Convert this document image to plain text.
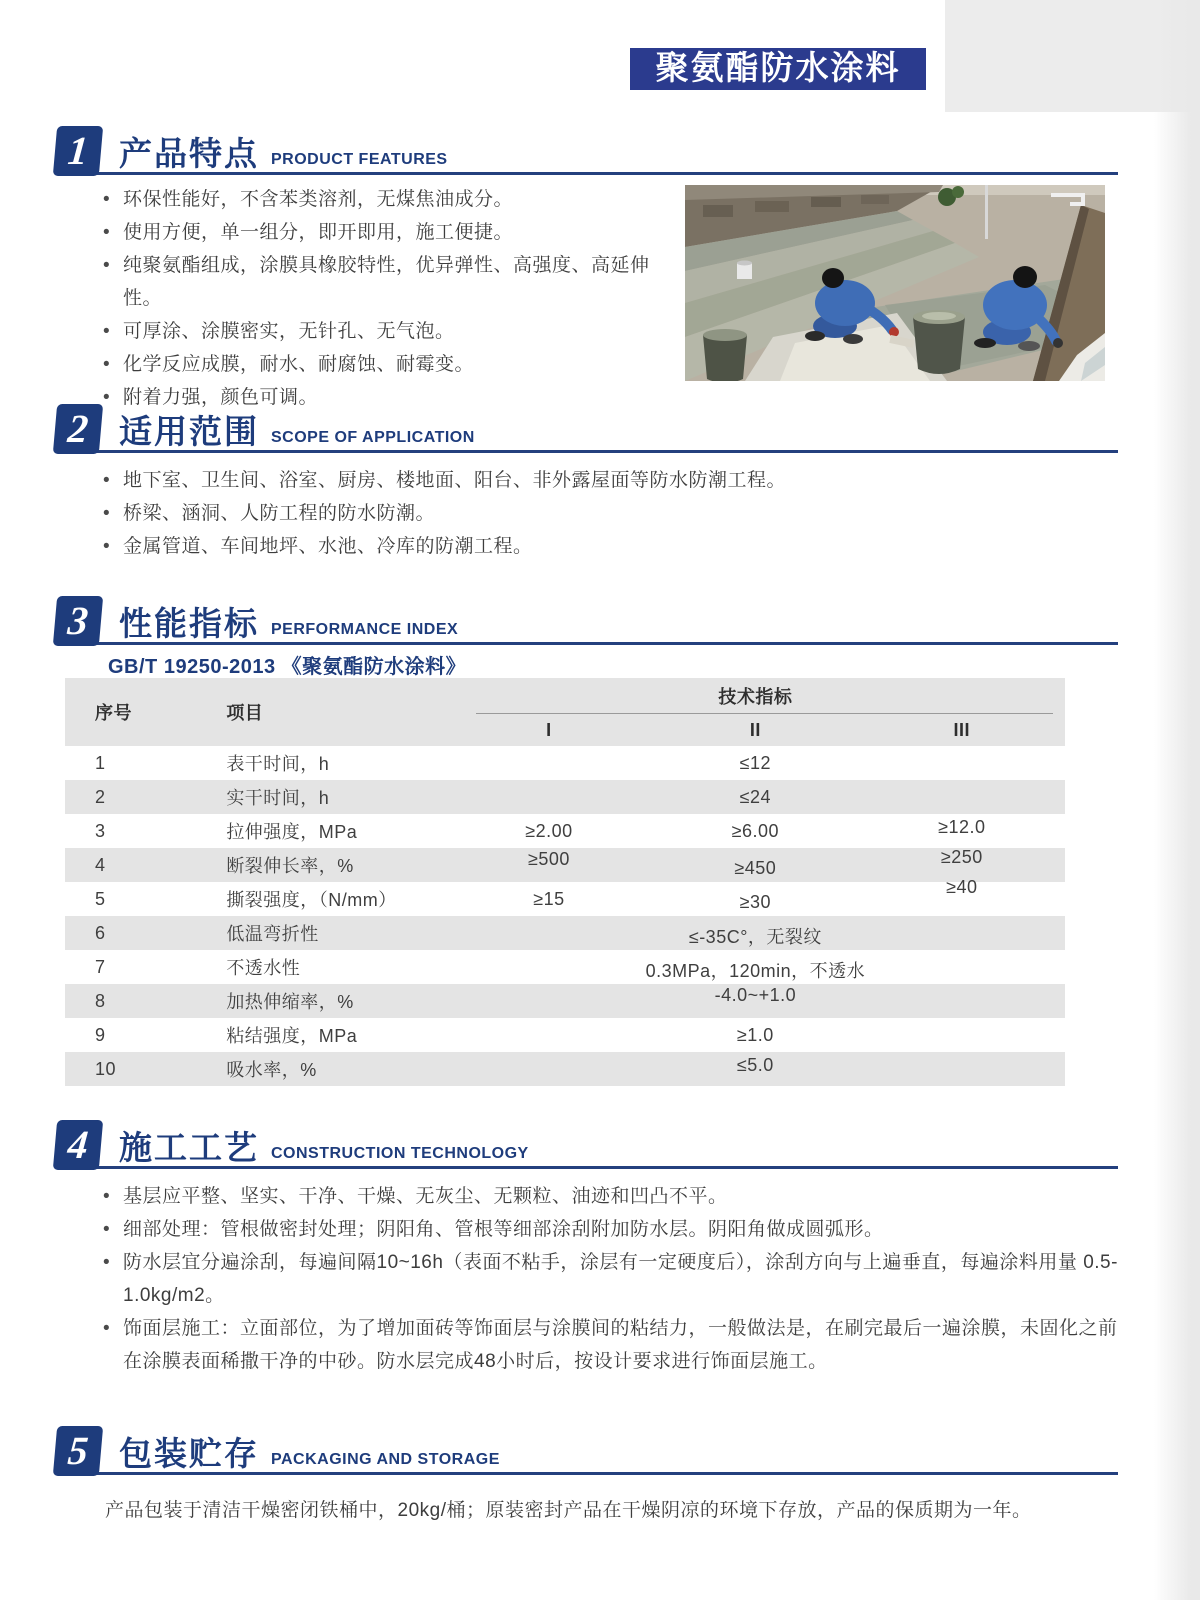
聚氨酯防水涂料
1 产品特点 PRODUCT FEATURES
• 环保性能好，不含苯类溶剂，无煤焦油成分。
• 使用方便，单一组分，即开即用，施工便捷。
• 纯聚氨酯组成，涂膜具橡胶特性，优异弹性、高强度、高延伸性。
• 可厚涂、涂膜密实，无针孔、无气泡。
• 化学反应成膜，耐水、耐腐蚀、耐霉变。
• 附着力强，颜色可调。
2 适用范围 SCOPE OF APPLICATION
• 地下室、卫生间、浴室、厨房、楼地面、阳台、非外露屋面等防水防潮工程。
• 桥梁、涵洞、人防工程的防水防潮。
• 金属管道、车间地坪、水池、冷库的防潮工程。
3 性能指标 PERFORMANCE INDEX
GB/T 19250-2013 《聚氨酯防水涂料》
序号	项目	技术指标		

		I	II	III
1	表干时间，h	≤12		
2	实干时间，h	≤24		
3	拉伸强度，MPa	≥2.00	≥6.00	≥12.0
4	断裂伸长率，%	≥500	≥450	≥250
5	撕裂强度，（N/mm）	≥15	≥30	≥40
6	低温弯折性	≤-35C°，无裂纹		
7	不透水性	0.3MPa，120min，不透水		
8	加热伸缩率，%	-4.0~+1.0		
9	粘结强度，MPa	≥1.0		
10	吸水率，%	≤5.0		
4 施工工艺 CONSTRUCTION TECHNOLOGY
• 基层应平整、坚实、干净、干燥、无灰尘、无颗粒、油迹和凹凸不平。
• 细部处理：管根做密封处理；阴阳角、管根等细部涂刮附加防水层。阴阳角做成圆弧形。
• 防水层宜分遍涂刮，每遍间隔10~16h（表面不粘手，涂层有一定硬度后），涂刮方向与上遍垂直，每遍涂料用量 0.5-1.0kg/m2。
• 饰面层施工：立面部位，为了增加面砖等饰面层与涂膜间的粘结力，一般做法是，在刷完最后一遍涂膜，未固化之前在涂膜表面稀撒干净的中砂。防水层完成48小时后，按设计要求进行饰面层施工。
5 包装贮存 PACKAGING AND STORAGE
产品包装于清洁干燥密闭铁桶中，20kg/桶；原装密封产品在干燥阴凉的环境下存放，产品的保质期为一年。
